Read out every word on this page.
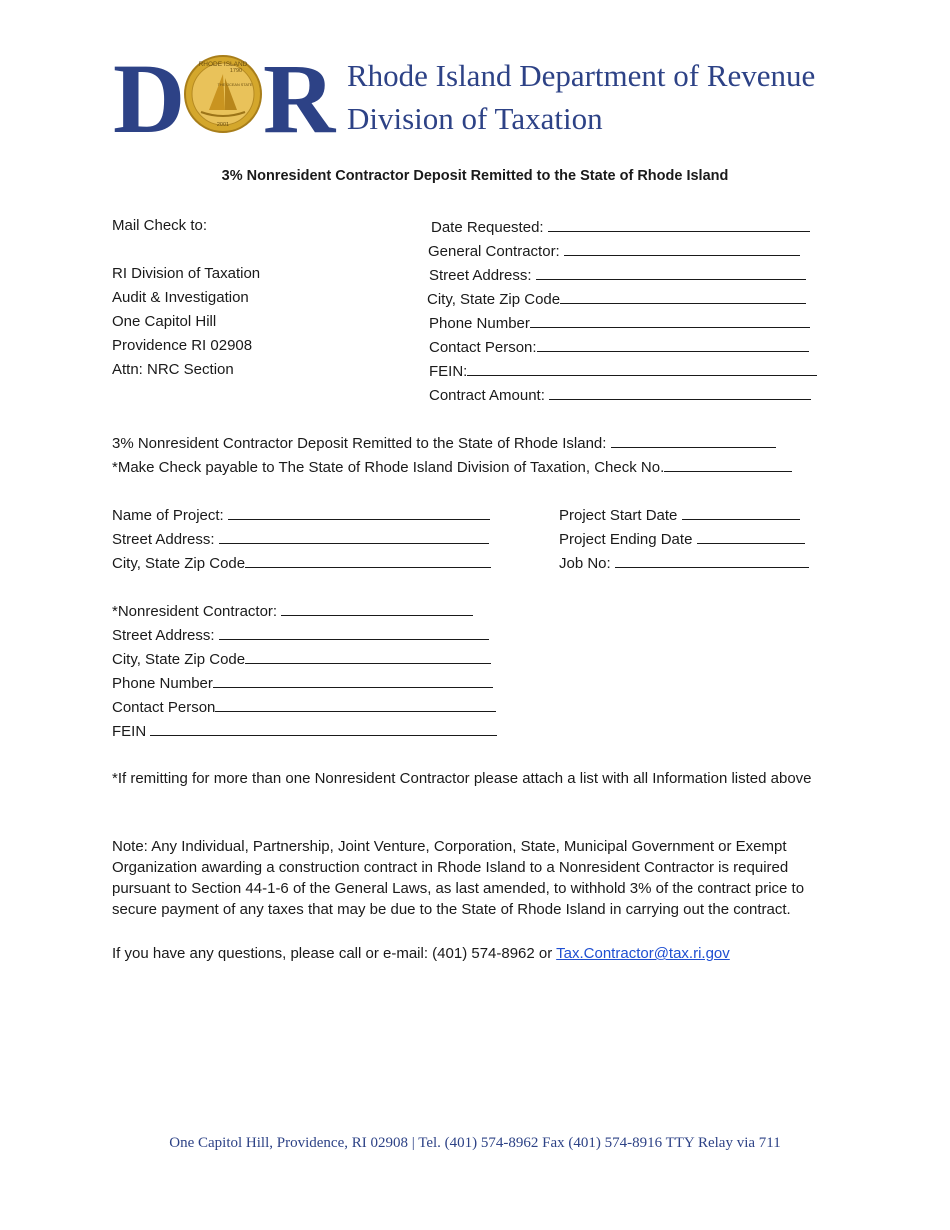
D RHODE ISLAND
1790
THE OCEAN STATE
2001 R Rhode Island Department of Revenue
Division of Taxation
3% Nonresident Contractor Deposit Remitted to the State of Rhode Island
Mail Check to:
RI Division of Taxation
Audit & Investigation
One Capitol Hill
Providence RI 02908
Attn: NRC Section
Date Requested:
General Contractor:
Street Address:
City, State Zip Code
Phone Number
Contact Person:
FEIN:
Contract Amount:
3% Nonresident Contractor Deposit Remitted to the State of Rhode Island:
*Make Check payable to The State of Rhode Island Division of Taxation, Check No.
Name of Project:
Street Address:
City, State Zip Code
Project Start Date
Project Ending Date
Job No:
*Nonresident Contractor:
Street Address:
City, State Zip Code
Phone Number
Contact Person
FEIN
*If remitting for more than one Nonresident Contractor please attach a list with all Information listed above
Note: Any Individual, Partnership, Joint Venture, Corporation, State, Municipal Government or Exempt Organization awarding a construction contract in Rhode Island to a Nonresident Contractor is required pursuant to Section 44-1-6 of the General Laws, as last amended, to withhold 3% of the contract price to secure payment of any taxes that may be due to the State of Rhode Island in carrying out the contract.
If you have any questions, please call or e-mail: (401) 574-8962 or Tax.Contractor@tax.ri.gov
One Capitol Hill, Providence, RI 02908 | Tel. (401) 574-8962 Fax (401) 574-8916 TTY Relay via 711
